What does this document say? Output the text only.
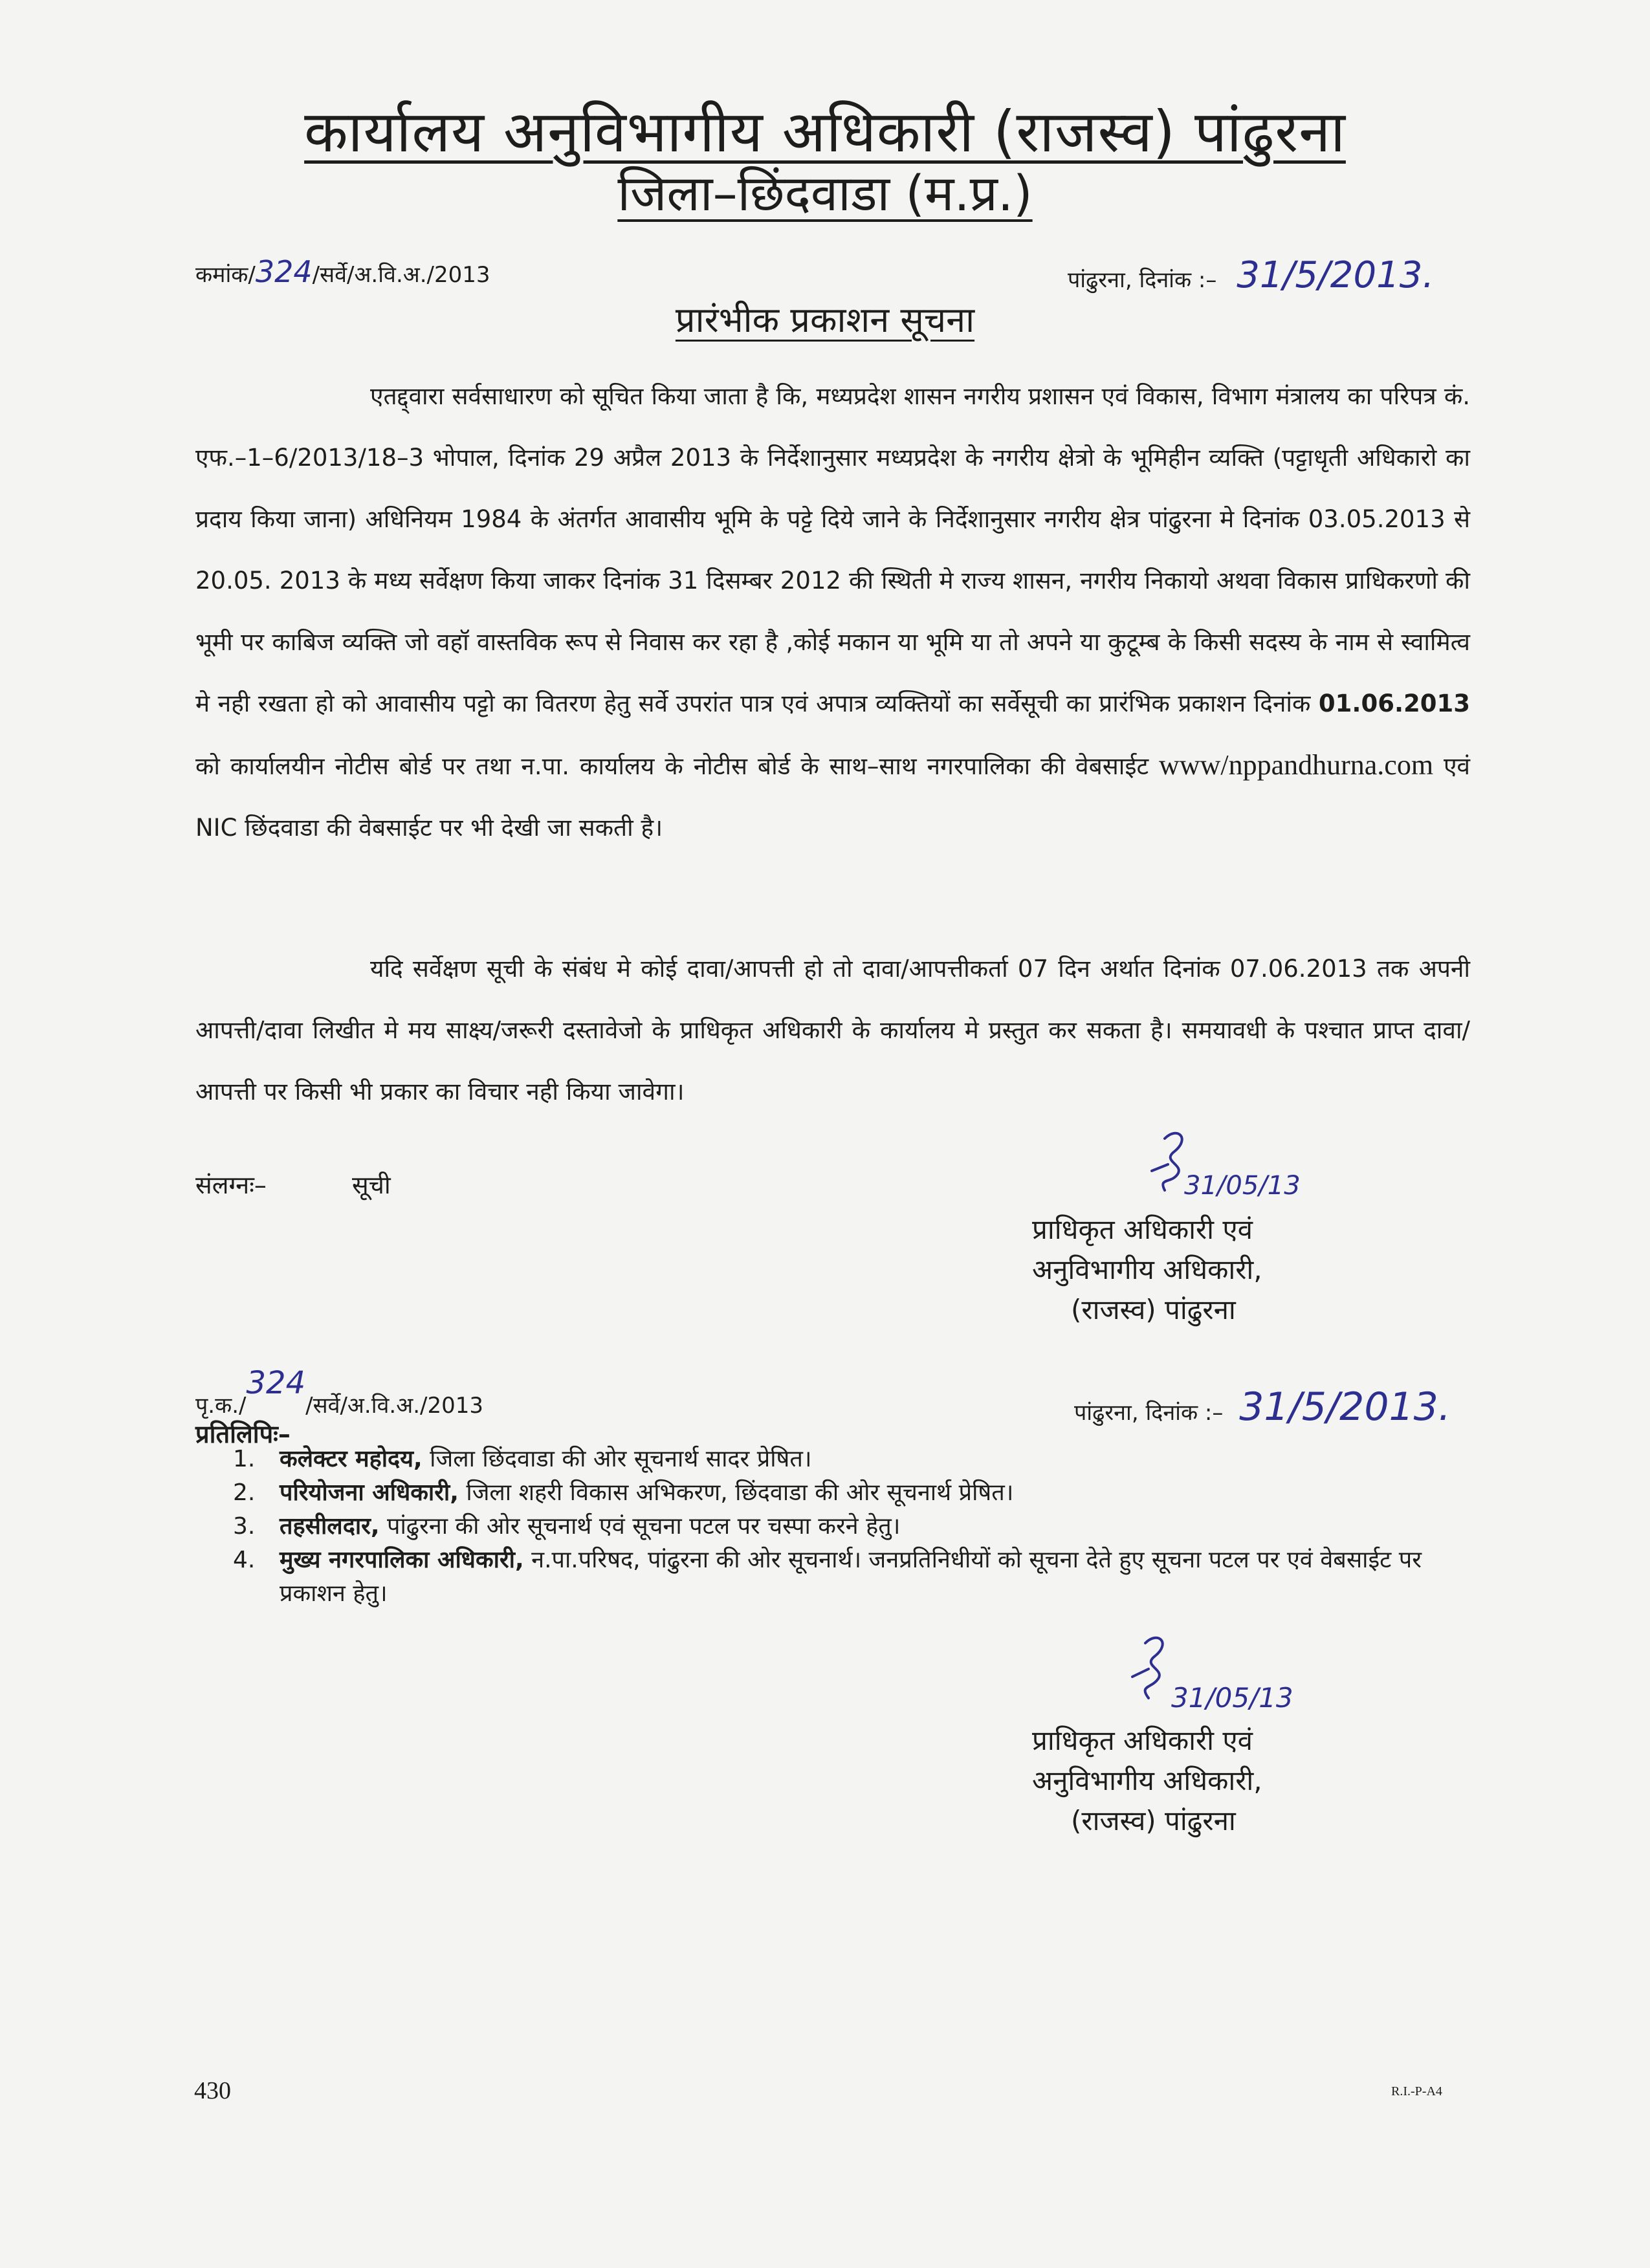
कार्यालय अनुविभागीय अधिकारी (राजस्व) पांढुरना
जिला–छिंदवाडा (म.प्र.)
कमांक/324/सर्वे/अ.वि.अ./2013	पांढुरना, दिनांक :– 31/5/2013.
प्रारंभीक प्रकाशन सूचना

एतद्द्वारा सर्वसाधारण को सूचित किया जाता है कि, मध्यप्रदेश शासन नगरीय प्रशासन एवं विकास, विभाग मंत्रालय का परिपत्र कं. एफ.–1–6/2013/18–3 भोपाल, दिनांक 29 अप्रैल 2013 के निर्देशानुसार मध्यप्रदेश के नगरीय क्षेत्रो के भूमिहीन व्यक्ति (पट्टाधृती अधिकारो का प्रदाय किया जाना) अधिनियम 1984 के अंतर्गत आवासीय भूमि के पट्टे दिये जाने के निर्देशानुसार नगरीय क्षेत्र पांढुरना मे दिनांक 03.05.2013 से 20.05. 2013 के मध्य सर्वेक्षण किया जाकर दिनांक 31 दिसम्बर 2012 की स्थिती मे राज्य शासन, नगरीय निकायो अथवा विकास प्राधिकरणो की भूमी पर काबिज व्यक्ति जो वहॉ वास्तविक रूप से निवास कर रहा है ,कोई मकान या भूमि या तो अपने या कुटूम्ब के किसी सदस्य के नाम से स्वामित्व मे नही रखता हो को आवासीय पट्टो का वितरण हेतु सर्वे उपरांत पात्र एवं अपात्र व्यक्तियों का सर्वेसूची का प्रारंभिक प्रकाशन दिनांक 01.06.2013 को कार्यालयीन नोटीस बोर्ड पर तथा न.पा. कार्यालय के नोटीस बोर्ड के साथ–साथ नगरपालिका की वेबसाईट www/nppandhurna.com एवं NIC छिंदवाडा की वेबसाईट पर भी देखी जा सकती है।

यदि सर्वेक्षण सूची के संबंध मे कोई दावा/आपत्ती हो तो दावा/आपत्तीकर्ता 07 दिन अर्थात दिनांक 07.06.2013 तक अपनी आपत्ती/दावा लिखीत मे मय साक्ष्य/जरूरी दस्तावेजो के प्राधिकृत अधिकारी के कार्यालय मे प्रस्तुत कर सकता है। समयावधी के पश्चात प्राप्त दावा/आपत्ती पर किसी भी प्रकार का विचार नही किया जावेगा।

संलग्नः–	सूची	31/05/13
प्राधिकृत अधिकारी एवं
अनुविभागीय अधिकारी,
(राजस्व) पांढुरना
पृ.क./324/सर्वे/अ.वि.अ./2013	पांढुरना, दिनांक :– 31/5/2013.
प्रतिलिपिः–
1. कलेक्टर महोदय, जिला छिंदवाडा की ओर सूचनार्थ सादर प्रेषित।
2. परियोजना अधिकारी, जिला शहरी विकास अभिकरण, छिंदवाडा की ओर सूचनार्थ प्रेषित।
3. तहसीलदार, पांढुरना की ओर सूचनार्थ एवं सूचना पटल पर चस्पा करने हेतु।
4. मुख्य नगरपालिका अधिकारी, न.पा.परिषद, पांढुरना की ओर सूचनार्थ। जनप्रतिनिधीयों को सूचना देते हुए सूचना पटल पर एवं वेबसाईट पर प्रकाशन हेतु।
31/05/13
प्राधिकृत अधिकारी एवं
अनुविभागीय अधिकारी,
(राजस्व) पांढुरना
430	R.I.-P-A4
